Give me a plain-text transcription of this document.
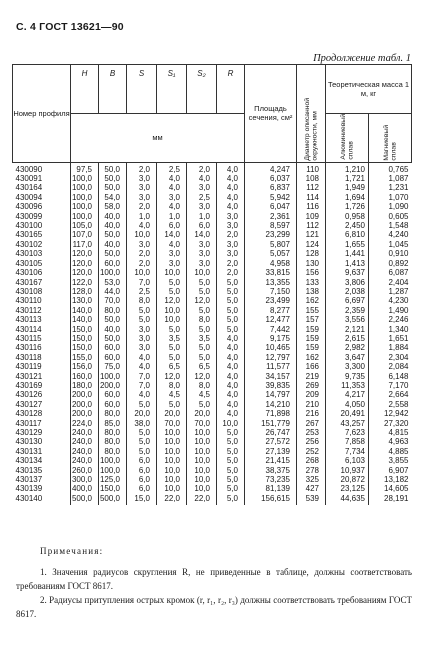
С. 4 ГОСТ 13621—90
Продолжение табл. 1
Номер профиля	H	B	S	S₁	S₂	R	Площадь сечения, см²	Диаметр описанной окружности, мм	Теоретическая масса 1 м, кг	
	мм								Алюминиевый сплав	Магниевый сплав
430090	97,5	50,0	2,0	2,5	2,0	4,0	4,247	110	1,210	0,765
430091	100,0	50,0	3,0	4,0	4,0	4,0	6,037	108	1,721	1,087
430164	100,0	50,0	3,0	4,0	3,0	4,0	6,837	112	1,949	1,231
430094	100,0	54,0	3,0	3,0	2,5	4,0	5,942	114	1,694	1,070
430096	100,0	58,0	2,0	4,0	3,0	4,0	6,047	116	1,726	1,090
430099	100,0	40,0	1,0	1,0	1,0	3,0	2,361	109	0,958	0,605
430100	105,0	40,0	4,0	6,0	6,0	3,0	8,597	112	2,450	1,548
430165	107,0	50,0	10,0	14,0	14,0	2,0	23,299	121	6,810	4,240
430102	117,0	40,0	3,0	4,0	3,0	3,0	5,807	124	1,655	1,045
430103	120,0	50,0	2,0	3,0	3,0	3,0	5,057	128	1,441	0,910
430105	120,0	60,0	2,0	3,0	3,0	2,0	4,958	130	1,413	0,892
430106	120,0	100,0	10,0	10,0	10,0	2,0	33,815	156	9,637	6,087
430167	122,0	53,0	7,0	5,0	5,0	5,0	13,355	133	3,806	2,404
430108	128,0	44,0	2,5	5,0	5,0	5,0	7,150	138	2,038	1,287
430110	130,0	70,0	8,0	12,0	12,0	5,0	23,499	162	6,697	4,230
430112	140,0	80,0	5,0	10,0	5,0	5,0	8,277	155	2,359	1,490
430113	140,0	50,0	5,0	10,0	8,0	5,0	12,477	157	3,556	2,246
430114	150,0	40,0	3,0	5,0	5,0	5,0	7,442	159	2,121	1,340
430115	150,0	50,0	3,0	3,5	3,5	4,0	9,175	159	2,615	1,651
430116	150,0	60,0	3,0	5,0	5,0	4,0	10,465	159	2,982	1,884
430118	155,0	60,0	4,0	5,0	5,0	4,0	12,797	162	3,647	2,304
430119	156,0	75,0	4,0	6,5	6,5	4,0	11,577	166	3,300	2,084
430121	160,0	100,0	7,0	12,0	12,0	4,0	34,157	219	9,735	6,148
430169	180,0	200,0	7,0	8,0	8,0	4,0	39,835	269	11,353	7,170
430126	200,0	60,0	4,0	4,5	4,5	4,0	14,797	209	4,217	2,664
430127	200,0	60,0	5,0	5,0	5,0	4,0	14,210	210	4,050	2,558
430128	200,0	80,0	20,0	20,0	20,0	4,0	71,898	216	20,491	12,942
430117	224,0	85,0	38,0	70,0	70,0	10,0	151,779	267	43,257	27,320
430129	240,0	80,0	5,0	10,0	10,0	5,0	26,747	253	7,623	4,815
430130	240,0	80,0	5,0	10,0	10,0	5,0	27,572	256	7,858	4,963
430131	240,0	80,0	5,0	10,0	10,0	5,0	27,139	252	7,734	4,885
430134	240,0	100,0	6,0	10,0	10,0	5,0	21,415	268	6,103	3,855
430135	260,0	100,0	6,0	10,0	10,0	5,0	38,375	278	10,937	6,907
430137	300,0	125,0	6,0	10,0	10,0	5,0	73,235	325	20,872	13,182
430139	400,0	150,0	6,0	10,0	10,0	5,0	81,139	427	23,125	14,605
430140	500,0	500,0	15,0	22,0	22,0	5,0	156,615	539	44,635	28,191
Примечания:

1. Значения радиусов скругления R, не приведенные в таблице, должны соответствовать требованиям ГОСТ 8617.

2. Радиусы притупления острых кромок (r, r₁, r₂, r₃) должны соответствовать требованиям ГОСТ 8617.
